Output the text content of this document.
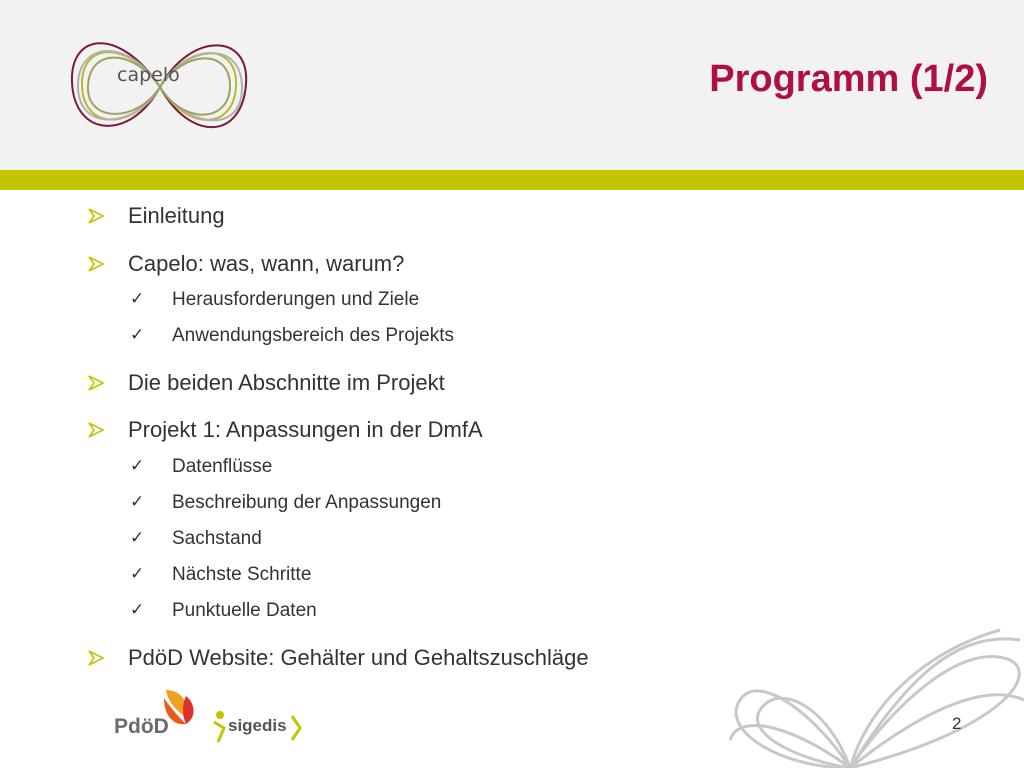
capelo	Programm (1/2)
Einleitung
Capelo: was, wann, warum?
✓ Herausforderungen und Ziele
✓ Anwendungsbereich des Projekts
Die beiden Abschnitte im Projekt
Projekt 1: Anpassungen in der DmfA
✓ Datenflüsse
✓ Beschreibung der Anpassungen
✓ Sachstand
✓ Nächste Schritte
✓ Punktuelle Daten
PdöD Website: Gehälter und Gehaltszuschläge
PdöD	sigedis	2
